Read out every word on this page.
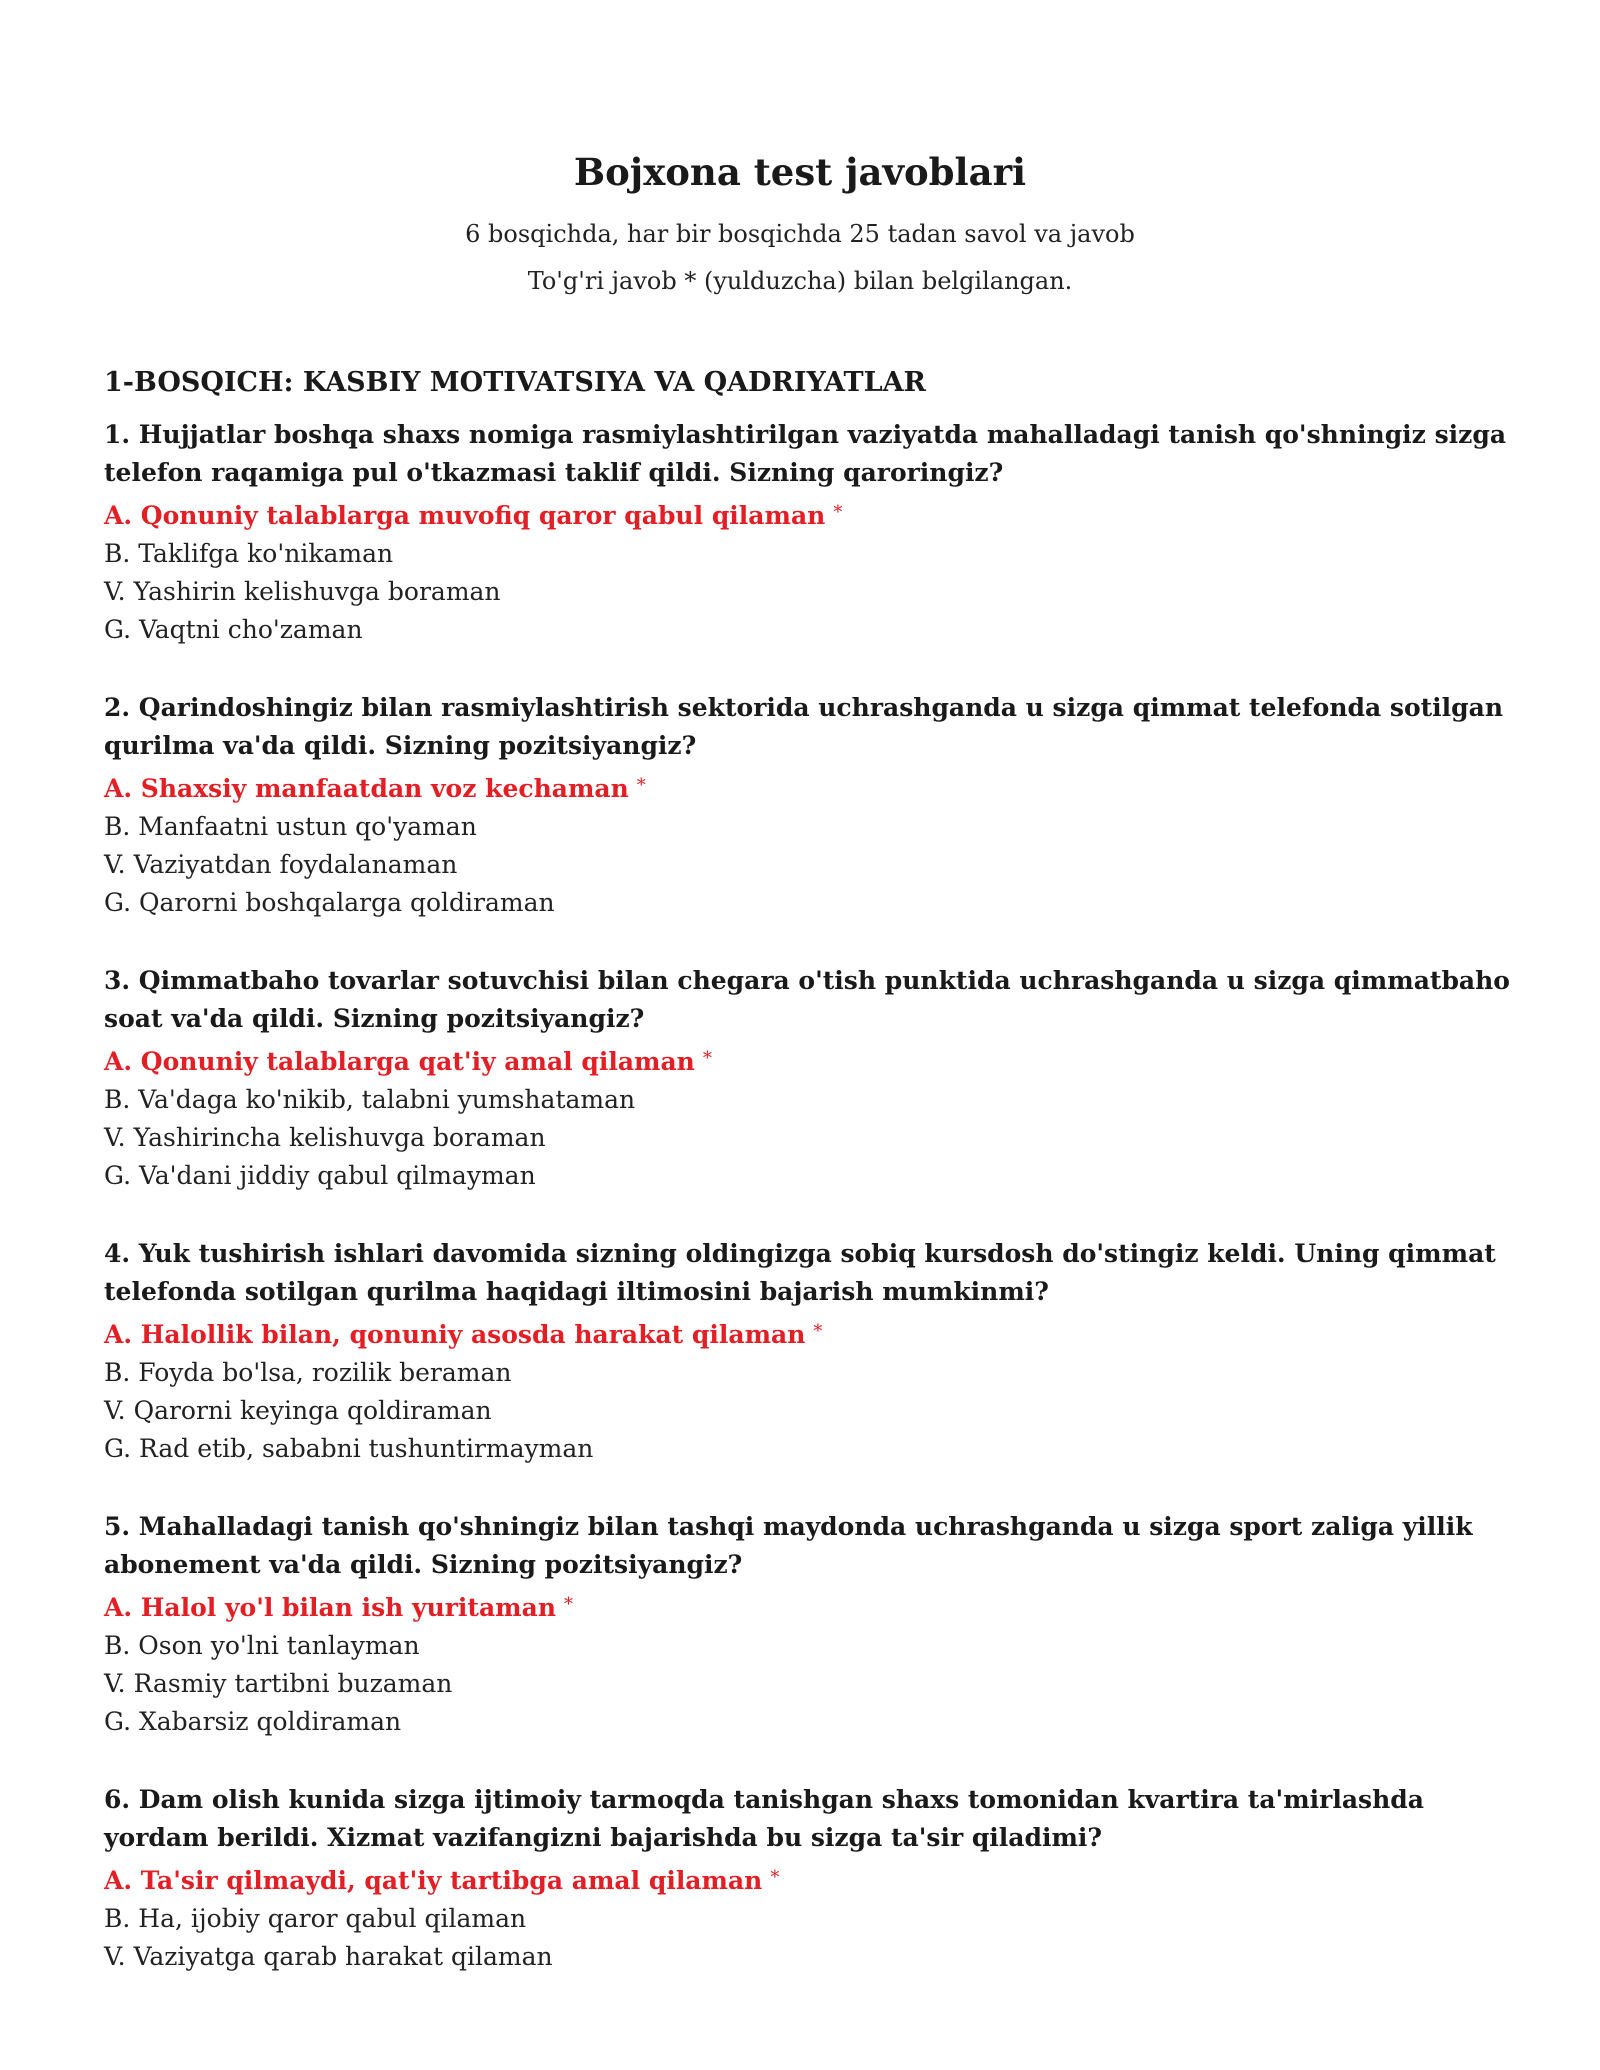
Bojxona test javoblari
6 bosqichda, har bir bosqichda 25 tadan savol va javob
To'g'ri javob * (yulduzcha) bilan belgilangan.
1-BOSQICH: KASBIY MOTIVATSIYA VA QADRIYATLAR
1. Hujjatlar boshqa shaxs nomiga rasmiylashtirilgan vaziyatda mahalladagi tanish qo'shningiz sizga telefon raqamiga pul o'tkazmasi taklif qildi. Sizning qaroringiz?
A. Qonuniy talablarga muvofiq qaror qabul qilaman *
B. Taklifga ko'nikaman
V. Yashirin kelishuvga boraman
G. Vaqtni cho'zaman
2. Qarindoshingiz bilan rasmiylashtirish sektorida uchrashganda u sizga qimmat telefonda sotilgan qurilma va'da qildi. Sizning pozitsiyangiz?
A. Shaxsiy manfaatdan voz kechaman *
B. Manfaatni ustun qo'yaman
V. Vaziyatdan foydalanaman
G. Qarorni boshqalarga qoldiraman
3. Qimmatbaho tovarlar sotuvchisi bilan chegara o'tish punktida uchrashganda u sizga qimmatbaho soat va'da qildi. Sizning pozitsiyangiz?
A. Qonuniy talablarga qat'iy amal qilaman *
B. Va'daga ko'nikib, talabni yumshataman
V. Yashirincha kelishuvga boraman
G. Va'dani jiddiy qabul qilmayman
4. Yuk tushirish ishlari davomida sizning oldingizga sobiq kursdosh do'stingiz keldi. Uning qimmat telefonda sotilgan qurilma haqidagi iltimosini bajarish mumkinmi?
A. Halollik bilan, qonuniy asosda harakat qilaman *
B. Foyda bo'lsa, rozilik beraman
V. Qarorni keyinga qoldiraman
G. Rad etib, sababni tushuntirmayman
5. Mahalladagi tanish qo'shningiz bilan tashqi maydonda uchrashganda u sizga sport zaliga yillik abonement va'da qildi. Sizning pozitsiyangiz?
A. Halol yo'l bilan ish yuritaman *
B. Oson yo'lni tanlayman
V. Rasmiy tartibni buzaman
G. Xabarsiz qoldiraman
6. Dam olish kunida sizga ijtimoiy tarmoqda tanishgan shaxs tomonidan kvartira ta'mirlashda yordam berildi. Xizmat vazifangizni bajarishda bu sizga ta'sir qiladimi?
A. Ta'sir qilmaydi, qat'iy tartibga amal qilaman *
B. Ha, ijobiy qaror qabul qilaman
V. Vaziyatga qarab harakat qilaman
